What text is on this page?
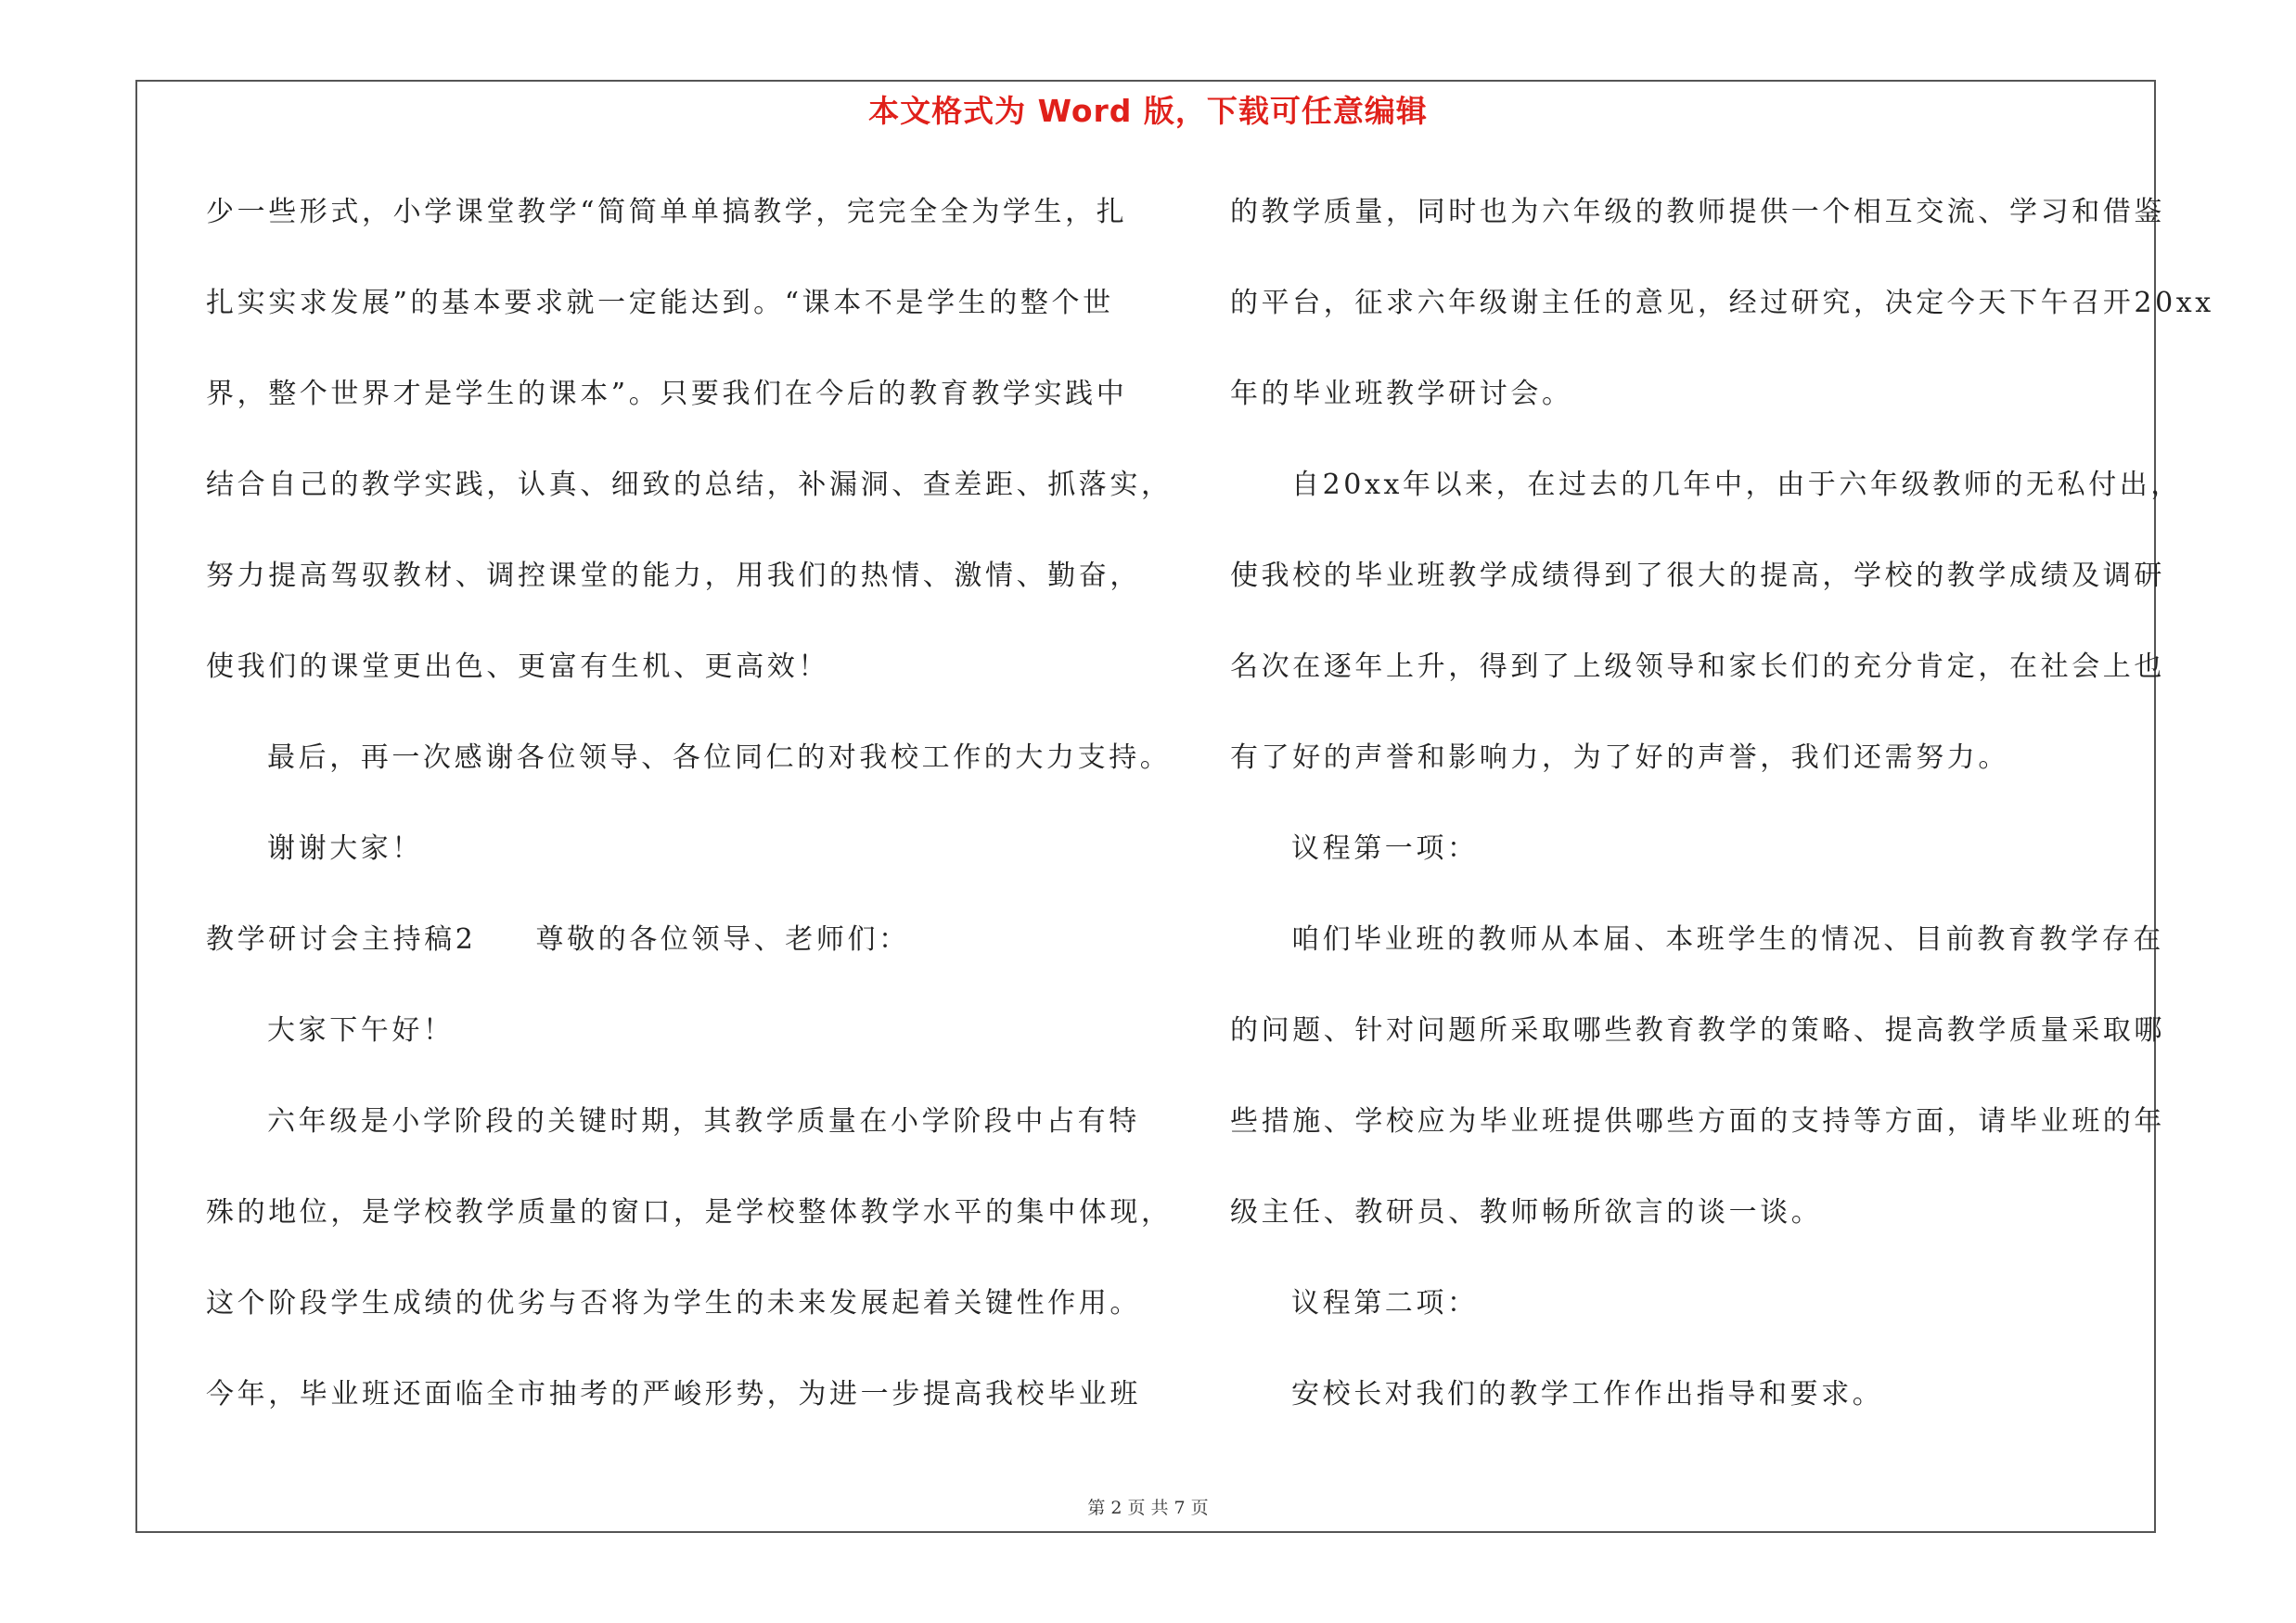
本文格式为 Word 版，下载可任意编辑
少一些形式，小学课堂教学“简简单单搞教学，完完全全为学生，扎
扎实实求发展”的基本要求就一定能达到。“课本不是学生的整个世
界，整个世界才是学生的课本”。只要我们在今后的教育教学实践中
结合自己的教学实践，认真、细致的总结，补漏洞、查差距、抓落实，
努力提高驾驭教材、调控课堂的能力，用我们的热情、激情、勤奋，
使我们的课堂更出色、更富有生机、更高效！
最后，再一次感谢各位领导、各位同仁的对我校工作的大力支持。
谢谢大家！
教学研讨会主持稿2 尊敬的各位领导、老师们：
大家下午好！
六年级是小学阶段的关键时期，其教学质量在小学阶段中占有特
殊的地位，是学校教学质量的窗口，是学校整体教学水平的集中体现，
这个阶段学生成绩的优劣与否将为学生的未来发展起着关键性作用。
今年，毕业班还面临全市抽考的严峻形势，为进一步提高我校毕业班
的教学质量，同时也为六年级的教师提供一个相互交流、学习和借鉴
的平台，征求六年级谢主任的意见，经过研究，决定今天下午召开20xx
年的毕业班教学研讨会。
自20xx年以来，在过去的几年中，由于六年级教师的无私付出，
使我校的毕业班教学成绩得到了很大的提高，学校的教学成绩及调研
名次在逐年上升，得到了上级领导和家长们的充分肯定，在社会上也
有了好的声誉和影响力，为了好的声誉，我们还需努力。
议程第一项：
咱们毕业班的教师从本届、本班学生的情况、目前教育教学存在
的问题、针对问题所采取哪些教育教学的策略、提高教学质量采取哪
些措施、学校应为毕业班提供哪些方面的支持等方面，请毕业班的年
级主任、教研员、教师畅所欲言的谈一谈。
议程第二项：
安校长对我们的教学工作作出指导和要求。
第 2 页 共 7 页
